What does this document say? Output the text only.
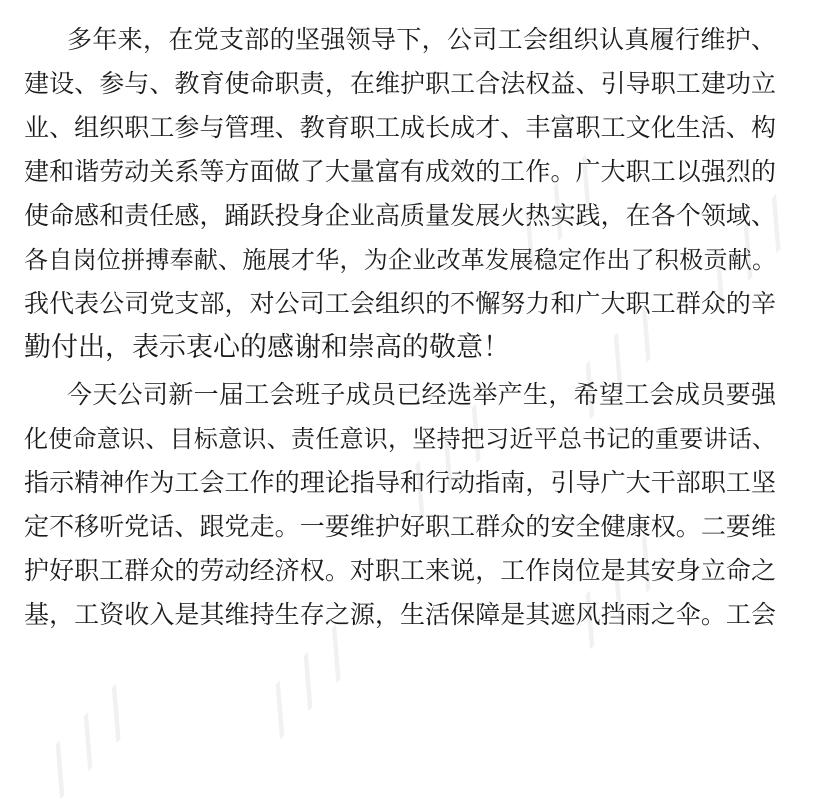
多年来，在党支部的坚强领导下，公司工会组织认真履行维护、
建设、参与、教育使命职责，在维护职工合法权益、引导职工建功立
业、组织职工参与管理、教育职工成长成才、丰富职工文化生活、构
建和谐劳动关系等方面做了大量富有成效的工作。广大职工以强烈的
使命感和责任感，踊跃投身企业高质量发展火热实践，在各个领域、
各自岗位拼搏奉献、施展才华，为企业改革发展稳定作出了积极贡献。
我代表公司党支部，对公司工会组织的不懈努力和广大职工群众的辛
勤付出，表示衷心的感谢和崇高的敬意！
今天公司新一届工会班子成员已经选举产生，希望工会成员要强
化使命意识、目标意识、责任意识，坚持把习近平总书记的重要讲话、
指示精神作为工会工作的理论指导和行动指南，引导广大干部职工坚
定不移听党话、跟党走。一要维护好职工群众的安全健康权。二要维
护好职工群众的劳动经济权。对职工来说，工作岗位是其安身立命之
基，工资收入是其维持生存之源，生活保障是其遮风挡雨之伞。工会
⟋⟋⟋ ⟋⟋⟋
⟋⟋⟋
⟋⟋⟋
⟋⟋⟋
⟋⟋⟋
⟋⟋⟋
